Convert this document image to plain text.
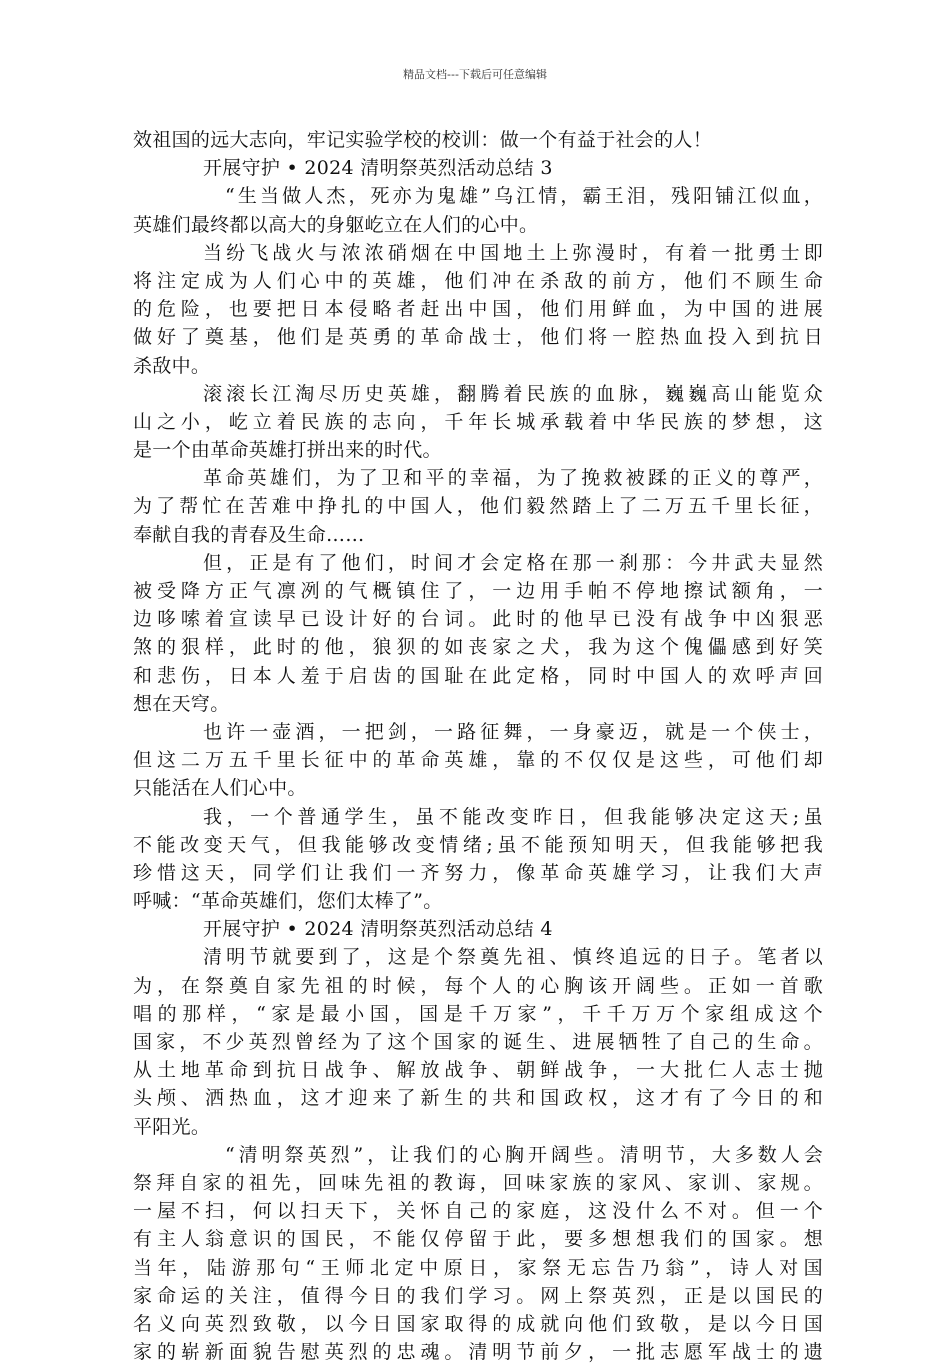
精品文档---下载后可任意编辑
效祖国的远大志向，牢记实验学校的校训：做一个有益于社会的人！
开展守护 • 2024 清明祭英烈活动总结 3
“生当做人杰，死亦为鬼雄”乌江情，霸王泪，残阳铺江似血，
英雄们最终都以高大的身躯屹立在人们的心中。
当纷飞战火与浓浓硝烟在中国地土上弥漫时，有着一批勇士即
将注定成为人们心中的英雄，他们冲在杀敌的前方，他们不顾生命
的危险，也要把日本侵略者赶出中国，他们用鲜血，为中国的进展
做好了奠基，他们是英勇的革命战士，他们将一腔热血投入到抗日
杀敌中。
滚滚长江淘尽历史英雄，翻腾着民族的血脉，巍巍高山能览众
山之小，屹立着民族的志向，千年长城承载着中华民族的梦想，这
是一个由革命英雄打拼出来的时代。
革命英雄们，为了卫和平的幸福，为了挽救被蹂的正义的尊严，
为了帮忙在苦难中挣扎的中国人，他们毅然踏上了二万五千里长征，
奉献自我的青春及生命……
但，正是有了他们，时间才会定格在那一刹那：今井武夫显然
被受降方正气凛冽的气概镇住了，一边用手帕不停地擦试额角，一
边哆嗦着宣读早已设计好的台词。此时的他早已没有战争中凶狠恶
煞的狠样，此时的他，狼狈的如丧家之犬，我为这个傀儡感到好笑
和悲伤，日本人羞于启齿的国耻在此定格，同时中国人的欢呼声回
想在天穹。
也许一壶酒，一把剑，一路征舞，一身豪迈，就是一个侠士，
但这二万五千里长征中的革命英雄，靠的不仅仅是这些，可他们却
只能活在人们心中。
我，一个普通学生，虽不能改变昨日，但我能够决定这天;虽
不能改变天气，但我能够改变情绪;虽不能预知明天，但我能够把我
珍惜这天，同学们让我们一齐努力，像革命英雄学习，让我们大声
呼喊：“革命英雄们，您们太棒了”。
开展守护 • 2024 清明祭英烈活动总结 4
清明节就要到了，这是个祭奠先祖、慎终追远的日子。笔者以
为，在祭奠自家先祖的时候，每个人的心胸该开阔些。正如一首歌
唱的那样，“家是最小国，国是千万家”，千千万万个家组成这个
国家，不少英烈曾经为了这个国家的诞生、进展牺牲了自己的生命。
从土地革命到抗日战争、解放战争、朝鲜战争，一大批仁人志士抛
头颅、洒热血，这才迎来了新生的共和国政权，这才有了今日的和
平阳光。
“清明祭英烈”，让我们的心胸开阔些。清明节，大多数人会
祭拜自家的祖先，回味先祖的教诲，回味家族的家风、家训、家规。
一屋不扫，何以扫天下，关怀自己的家庭，这没什么不对。但一个
有主人翁意识的国民，不能仅停留于此，要多想想我们的国家。想
当年，陆游那句“王师北定中原日，家祭无忘告乃翁”，诗人对国
家命运的关注，值得今日的我们学习。网上祭英烈，正是以国民的
名义向英烈致敬，以今日国家取得的成就向他们致敬，是以今日国
家的崭新面貌告慰英烈的忠魂。清明节前夕，一批志愿军战士的遗
